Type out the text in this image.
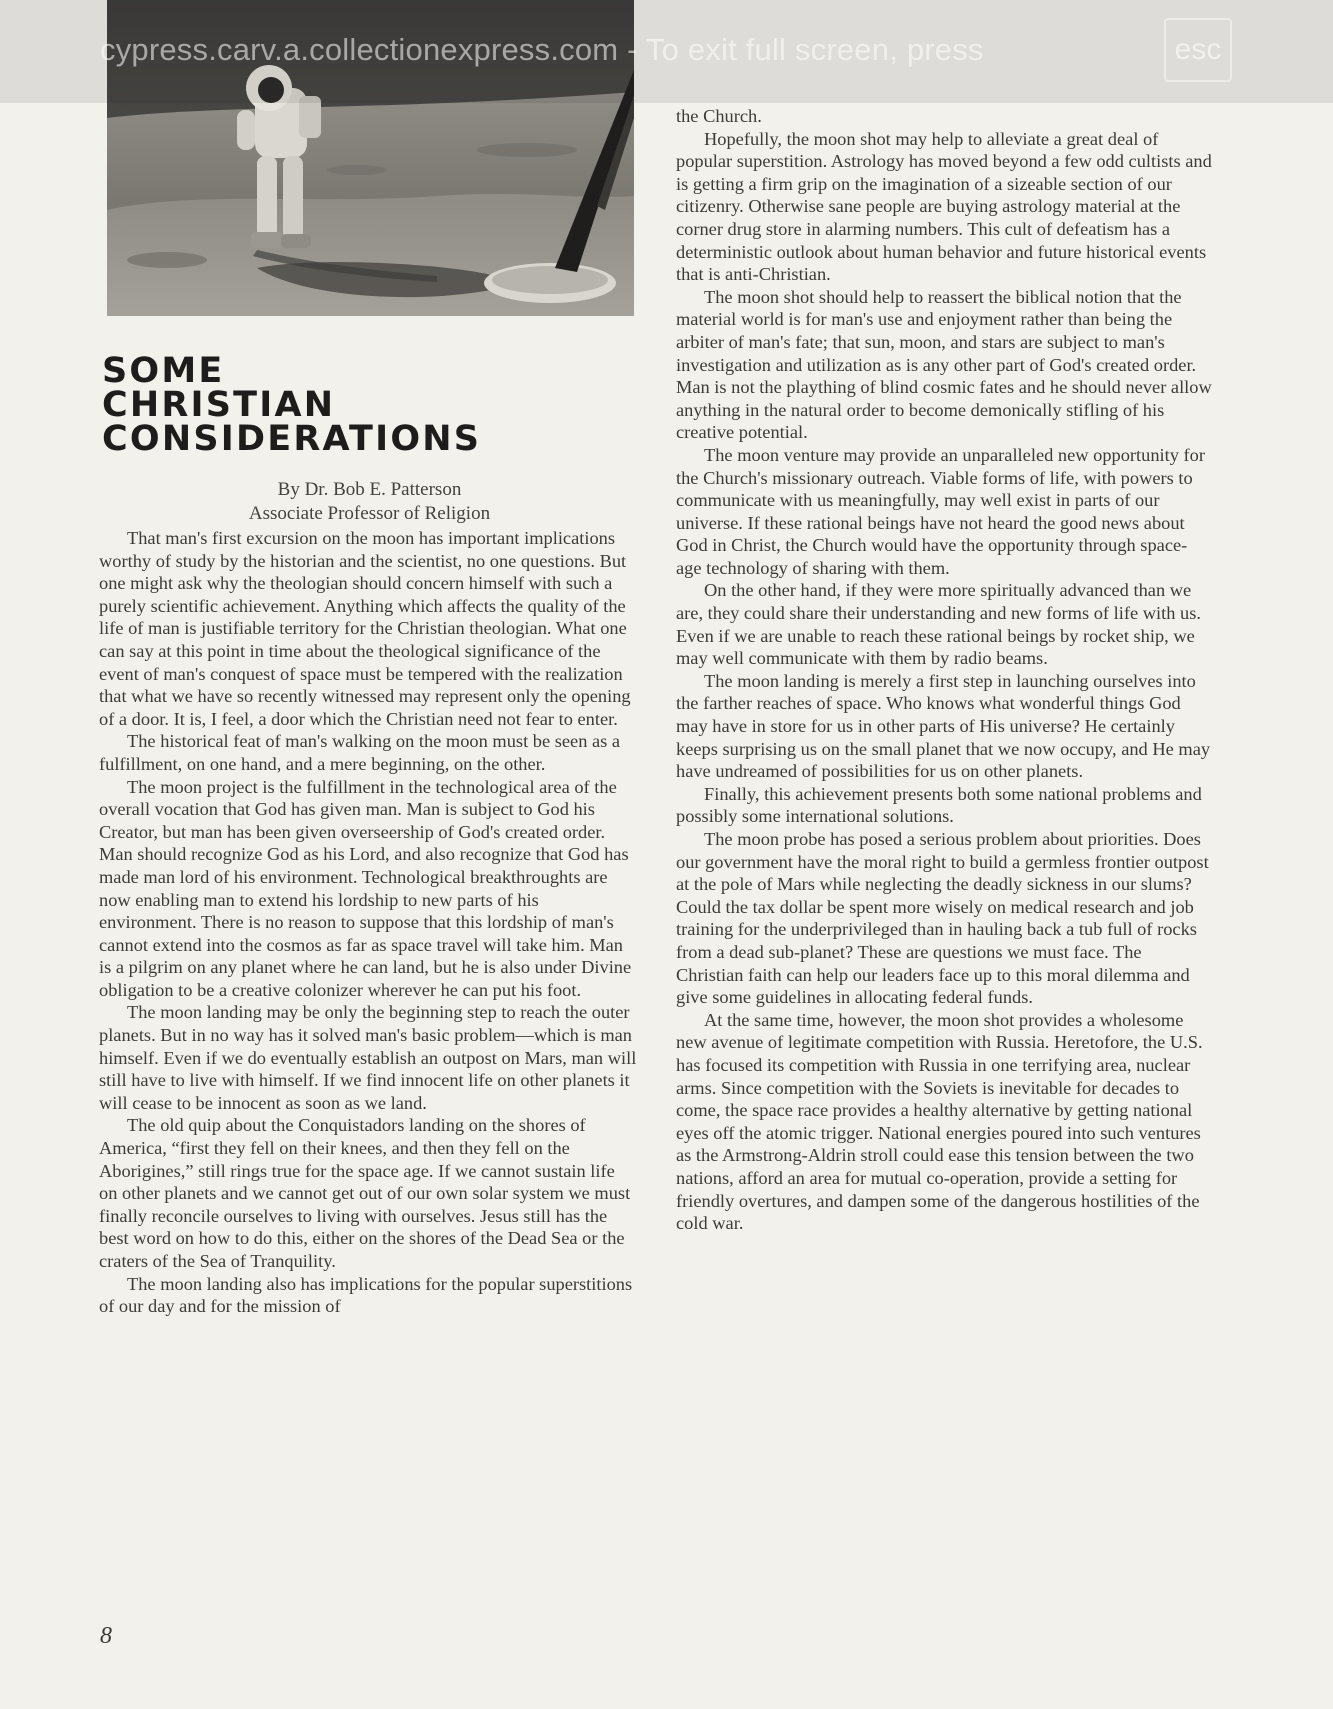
cypress.carv.a.collectionexpress.com - To exit full screen, press	esc
SOME
CHRISTIAN
CONSIDERATIONS
By Dr. Bob E. Patterson
Associate Professor of Religion

That man's first excursion on the moon has important implications worthy of study by the historian and the scientist, no one questions. But one might ask why the theologian should concern himself with such a purely scientific achievement. Anything which affects the quality of the life of man is justifiable territory for the Christian theologian. What one can say at this point in time about the theological significance of the event of man's conquest of space must be tempered with the realization that what we have so recently witnessed may represent only the opening of a door. It is, I feel, a door which the Christian need not fear to enter.

The historical feat of man's walking on the moon must be seen as a fulfillment, on one hand, and a mere beginning, on the other.

The moon project is the fulfillment in the technological area of the overall vocation that God has given man. Man is subject to God his Creator, but man has been given overseership of God's created order. Man should recognize God as his Lord, and also recognize that God has made man lord of his environment. Technological breakthroughts are now enabling man to extend his lordship to new parts of his environment. There is no reason to suppose that this lordship of man's cannot extend into the cosmos as far as space travel will take him. Man is a pilgrim on any planet where he can land, but he is also under Divine obligation to be a creative colonizer wherever he can put his foot.

The moon landing may be only the beginning step to reach the outer planets. But in no way has it solved man's basic problem—which is man himself. Even if we do eventually establish an outpost on Mars, man will still have to live with himself. If we find innocent life on other planets it will cease to be innocent as soon as we land.

The old quip about the Conquistadors landing on the shores of America, “first they fell on their knees, and then they fell on the Aborigines,” still rings true for the space age. If we cannot sustain life on other planets and we cannot get out of our own solar system we must finally reconcile ourselves to living with ourselves. Jesus still has the best word on how to do this, either on the shores of the Dead Sea or the craters of the Sea of Tranquility.

The moon landing also has implications for the popular superstitions of our day and for the mission of

the Church.

Hopefully, the moon shot may help to alleviate a great deal of popular superstition. Astrology has moved beyond a few odd cultists and is getting a firm grip on the imagination of a sizeable section of our citizenry. Otherwise sane people are buying astrology material at the corner drug store in alarming numbers. This cult of defeatism has a deterministic outlook about human behavior and future historical events that is anti-Christian.

The moon shot should help to reassert the biblical notion that the material world is for man's use and enjoyment rather than being the arbiter of man's fate; that sun, moon, and stars are subject to man's investigation and utilization as is any other part of God's created order. Man is not the plaything of blind cosmic fates and he should never allow anything in the natural order to become demonically stifling of his creative potential.

The moon venture may provide an unparalleled new opportunity for the Church's missionary outreach. Viable forms of life, with powers to communicate with us meaningfully, may well exist in parts of our universe. If these rational beings have not heard the good news about God in Christ, the Church would have the opportunity through space-age technology of sharing with them.

On the other hand, if they were more spiritually advanced than we are, they could share their understanding and new forms of life with us. Even if we are unable to reach these rational beings by rocket ship, we may well communicate with them by radio beams.

The moon landing is merely a first step in launching ourselves into the farther reaches of space. Who knows what wonderful things God may have in store for us in other parts of His universe? He certainly keeps surprising us on the small planet that we now occupy, and He may have undreamed of possibilities for us on other planets.

Finally, this achievement presents both some national problems and possibly some international solutions.

The moon probe has posed a serious problem about priorities. Does our government have the moral right to build a germless frontier outpost at the pole of Mars while neglecting the deadly sickness in our slums? Could the tax dollar be spent more wisely on medical research and job training for the underprivileged than in hauling back a tub full of rocks from a dead sub-planet? These are questions we must face. The Christian faith can help our leaders face up to this moral dilemma and give some guidelines in allocating federal funds.

At the same time, however, the moon shot provides a wholesome new avenue of legitimate competition with Russia. Heretofore, the U.S. has focused its competition with Russia in one terrifying area, nuclear arms. Since competition with the Soviets is inevitable for decades to come, the space race provides a healthy alternative by getting national eyes off the atomic trigger. National energies poured into such ventures as the Armstrong-Aldrin stroll could ease this tension between the two nations, afford an area for mutual co-operation, provide a setting for friendly overtures, and dampen some of the dangerous hostilities of the cold war.

8
